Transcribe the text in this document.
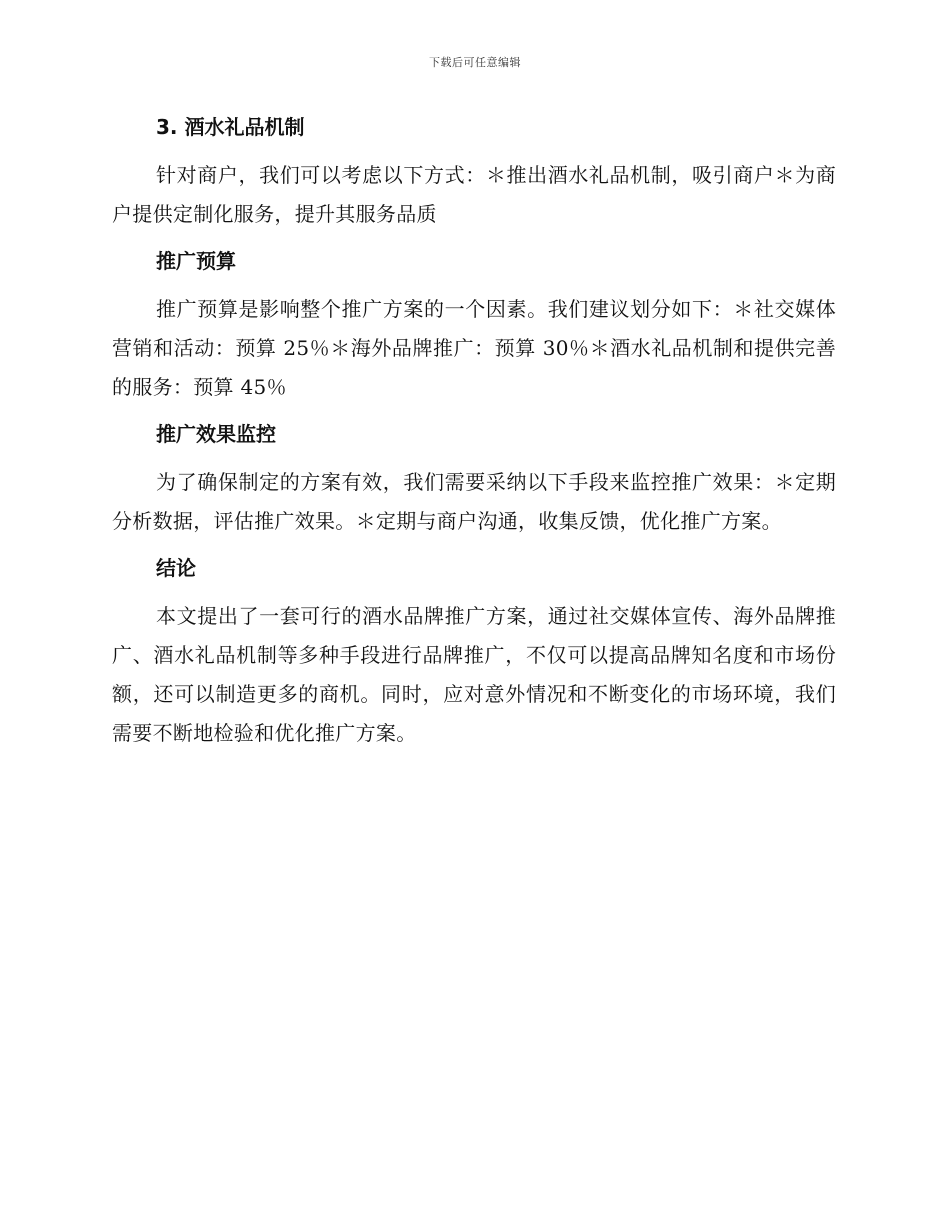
下载后可任意编辑
3. 酒水礼品机制

针对商户，我们可以考虑以下方式：＊推出酒水礼品机制，吸引商户＊为商户提供定制化服务，提升其服务品质

推广预算

推广预算是影响整个推广方案的一个因素。我们建议划分如下：＊社交媒体营销和活动：预算 25％＊海外品牌推广：预算 30％＊酒水礼品机制和提供完善的服务：预算 45％

推广效果监控

为了确保制定的方案有效，我们需要采纳以下手段来监控推广效果：＊定期分析数据，评估推广效果。＊定期与商户沟通，收集反馈，优化推广方案。

结论

本文提出了一套可行的酒水品牌推广方案，通过社交媒体宣传、海外品牌推广、酒水礼品机制等多种手段进行品牌推广，不仅可以提高品牌知名度和市场份额，还可以制造更多的商机。同时，应对意外情况和不断变化的市场环境，我们需要不断地检验和优化推广方案。
